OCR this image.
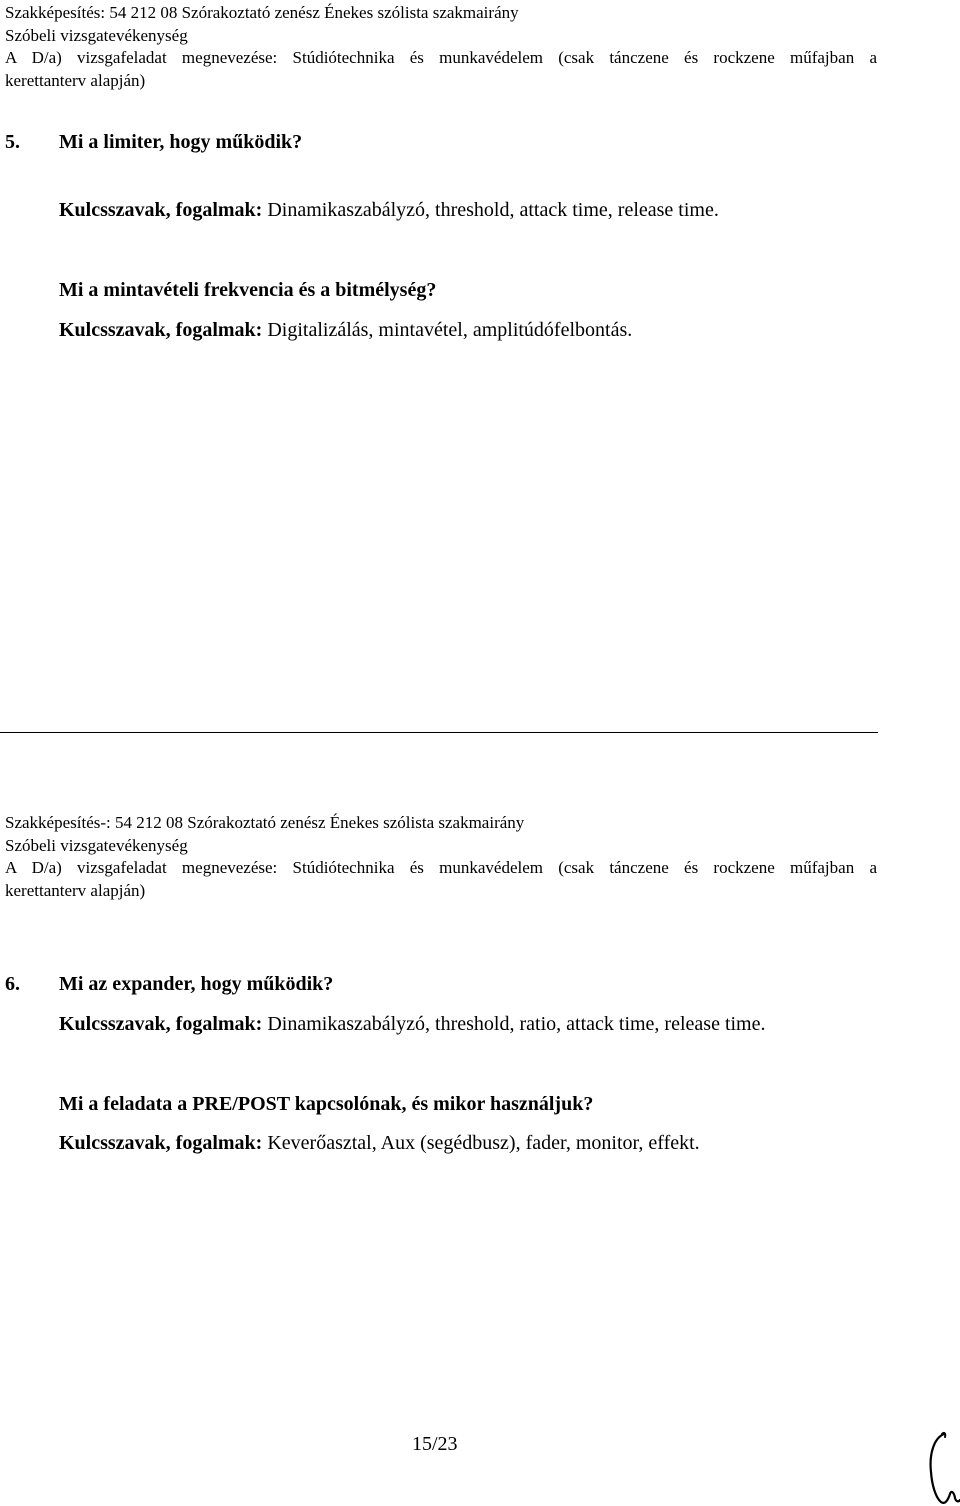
Szakképesítés: 54 212 08 Szórakoztató zenész Énekes szólista szakmairány
Szóbeli vizsgatevékenység
A D/a) vizsgafeladat megnevezése: Stúdiótechnika és munkavédelem (csak tánczene és rockzene műfajban a
kerettanterv alapján)
5. Mi a limiter, hogy működik?
Kulcsszavak, fogalmak: Dinamikaszabályzó, threshold, attack time, release time.
Mi a mintavételi frekvencia és a bitmélység?
Kulcsszavak, fogalmak: Digitalizálás, mintavétel, amplitúdófelbontás.
Szakképesítés-: 54 212 08 Szórakoztató zenész Énekes szólista szakmairány
Szóbeli vizsgatevékenység
A D/a) vizsgafeladat megnevezése: Stúdiótechnika és munkavédelem (csak tánczene és rockzene műfajban a
kerettanterv alapján)
6. Mi az expander, hogy működik?
Kulcsszavak, fogalmak: Dinamikaszabályzó, threshold, ratio, attack time, release time.
Mi a feladata a PRE/POST kapcsolónak, és mikor használjuk?
Kulcsszavak, fogalmak: Keverőasztal, Aux (segédbusz), fader, monitor, effekt.
15/23
